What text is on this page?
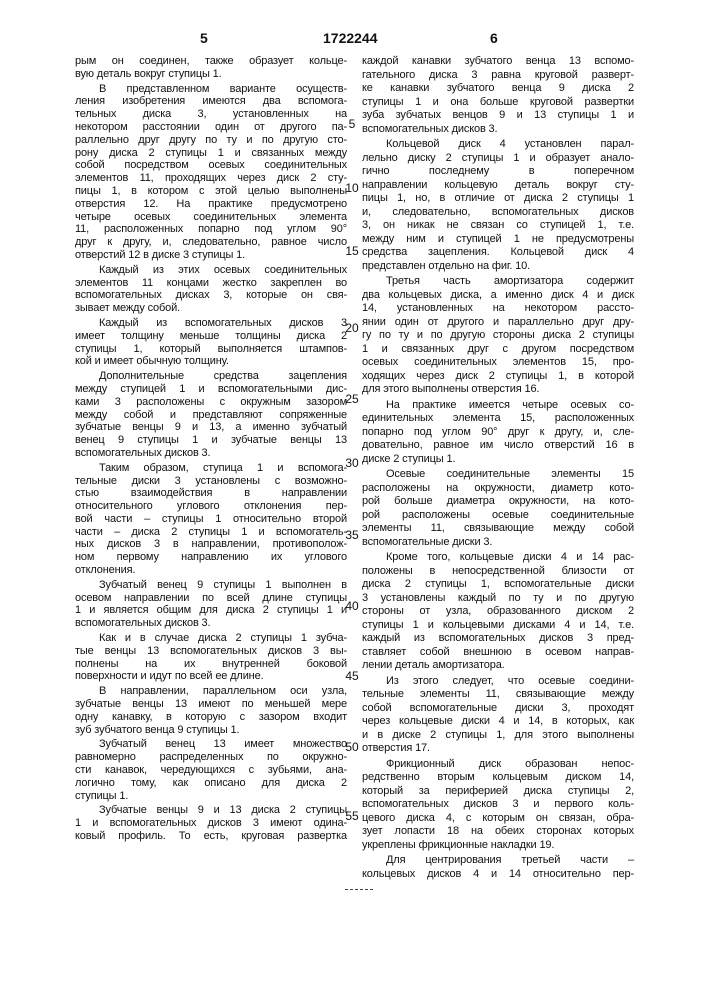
5	1722244	6
рым он соединен, также образует кольце-
вую деталь вокруг ступицы 1.
В представленном варианте осуществ-
ления изобретения имеются два вспомога-
тельных диска 3, установленных на
некотором расстоянии один от другого па-
раллельно друг другу по ту и по другую сто-
рону диска 2 ступицы 1 и связанных между
собой посредством осевых соединительных
элементов 11, проходящих через диск 2 сту-
пицы 1, в котором с этой целью выполнены
отверстия 12. На практике предусмотрено
четыре осевых соединительных элемента
11, расположенных попарно под углом 90°
друг к другу, и, следовательно, равное число
отверстий 12 в диске 3 ступицы 1.
Каждый из этих осевых соединительных
элементов 11 концами жестко закреплен во
вспомогательных дисках 3, которые он свя-
зывает между собой.
Каждый из вспомогательных дисков 3
имеет толщину меньше толщины диска 2
ступицы 1, который выполняется штампов-
кой и имеет обычную толщину.
Дополнительные средства зацепления
между ступицей 1 и вспомогательными дис-
ками 3 расположены с окружным зазором
между собой и представляют сопряженные
зубчатые венцы 9 и 13, а именно зубчатый
венец 9 ступицы 1 и зубчатые венцы 13
вспомогательных дисков 3.
Таким образом, ступица 1 и вспомога-
тельные диски 3 установлены с возможно-
стью взаимодействия в направлении
относительного углового отклонения пер-
вой части – ступицы 1 относительно второй
части – диска 2 ступицы 1 и вспомогатель-
ных дисков 3 в направлении, противополож-
ном первому направлению их углового
отклонения.
Зубчатый венец 9 ступицы 1 выполнен в
осевом направлении по всей длине ступицы
1 и является общим для диска 2 ступицы 1 и
вспомогательных дисков 3.
Как и в случае диска 2 ступицы 1 зубча-
тые венцы 13 вспомогательных дисков 3 вы-
полнены на их внутренней боковой
поверхности и идут по всей ее длине.
В направлении, параллельном оси узла,
зубчатые венцы 13 имеют по меньшей мере
одну канавку, в которую с зазором входит
зуб зубчатого венца 9 ступицы 1.
Зубчатый венец 13 имеет множество
равномерно распределенных по окружно-
сти канавок, чередующихся с зубьями, ана-
логично тому, как описано для диска 2
ступицы 1.
Зубчатые венцы 9 и 13 диска 2 ступицы
1 и вспомогательных дисков 3 имеют одина-
ковый профиль. То есть, круговая развертка
каждой канавки зубчатого венца 13 вспомо-
гательного диска 3 равна круговой разверт-
ке канавки зубчатого венца 9 диска 2
ступицы 1 и она больше круговой развертки
зуба зубчатых венцов 9 и 13 ступицы 1 и
вспомогательных дисков 3.
Кольцевой диск 4 установлен парал-
лельно диску 2 ступицы 1 и образует анало-
гично последнему в поперечном
направлении кольцевую деталь вокруг сту-
пицы 1, но, в отличие от диска 2 ступицы 1
и, следовательно, вспомогательных дисков
3, он никак не связан со ступицей 1, т.е.
между ним и ступицей 1 не предусмотрены
средства зацепления. Кольцевой диск 4
представлен отдельно на фиг. 10.
Третья часть амортизатора содержит
два кольцевых диска, а именно диск 4 и диск
14, установленных на некотором рассто-
янии один от другого и параллельно друг дру-
гу по ту и по другую стороны диска 2 ступицы
1 и связанных друг с другом посредством
осевых соединительных элементов 15, про-
ходящих через диск 2 ступицы 1, в которой
для этого выполнены отверстия 16.
На практике имеется четыре осевых со-
единительных элемента 15, расположенных
попарно под углом 90° друг к другу, и, сле-
довательно, равное им число отверстий 16 в
диске 2 ступицы 1.
Осевые соединительные элементы 15
расположены на окружности, диаметр кото-
рой больше диаметра окружности, на кото-
рой расположены осевые соединительные
элементы 11, связывающие между собой
вспомогательные диски 3.
Кроме того, кольцевые диски 4 и 14 рас-
положены в непосредственной близости от
диска 2 ступицы 1, вспомогательные диски
3 установлены каждый по ту и по другую
стороны от узла, образованного диском 2
ступицы 1 и кольцевыми дисками 4 и 14, т.е.
каждый из вспомогательных дисков 3 пред-
ставляет собой внешнюю в осевом направ-
лении деталь амортизатора.
Из этого следует, что осевые соедини-
тельные элементы 11, связывающие между
собой вспомогательные диски 3, проходят
через кольцевые диски 4 и 14, в которых, как
и в диске 2 ступицы 1, для этого выполнены
отверстия 17.
Фрикционный диск образован непос-
редственно вторым кольцевым диском 14,
который за периферией диска ступицы 2,
вспомогательных дисков 3 и первого коль-
цевого диска 4, с которым он связан, обра-
зует лопасти 18 на обеих сторонах которых
укреплены фрикционные накладки 19.
Для центрирования третьей части –
кольцевых дисков 4 и 14 относительно пер-
5
10
15
20
25
30
35
40
45
50
55
